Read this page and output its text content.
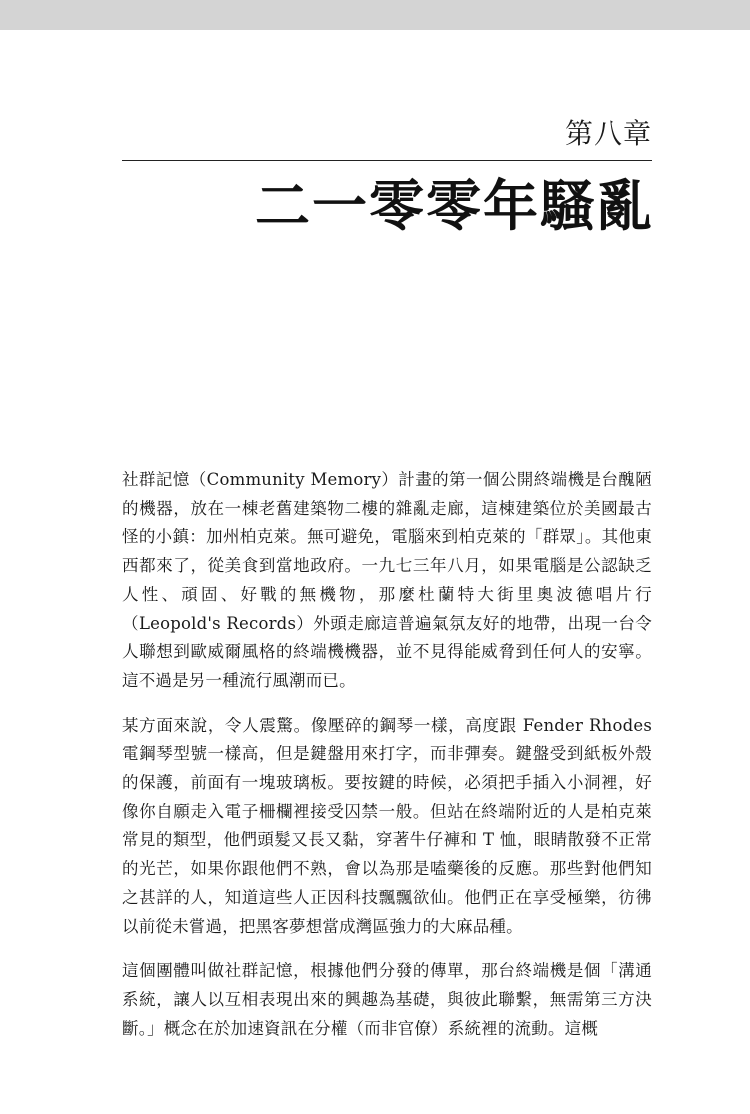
第八章
二一零零年騷亂

社群記憶（Community Memory）計畫的第一個公開終端機是台醜陋的機器，放在一棟老舊建築物二樓的雜亂走廊，這棟建築位於美國最古怪的小鎮：加州柏克萊。無可避免，電腦來到柏克萊的「群眾」。其他東西都來了，從美食到當地政府。一九七三年八月，如果電腦是公認缺乏人性、頑固、好戰的無機物，那麼杜蘭特大街里奧波德唱片行（Leopold's Records）外頭走廊這普遍氣氛友好的地帶，出現一台令人聯想到歐威爾風格的終端機機器，並不見得能威脅到任何人的安寧。這不過是另一種流行風潮而已。

某方面來說，令人震驚。像壓碎的鋼琴一樣，高度跟 Fender Rhodes 電鋼琴型號一樣高，但是鍵盤用來打字，而非彈奏。鍵盤受到紙板外殼的保護，前面有一塊玻璃板。要按鍵的時候，必須把手插入小洞裡，好像你自願走入電子柵欄裡接受囚禁一般。但站在終端附近的人是柏克萊常見的類型，他們頭髮又長又黏，穿著牛仔褲和 T 恤，眼睛散發不正常的光芒，如果你跟他們不熟，會以為那是嗑藥後的反應。那些對他們知之甚詳的人，知道這些人正因科技飄飄欲仙。他們正在享受極樂，彷彿以前從未嘗過，把黑客夢想當成灣區強力的大麻品種。

這個團體叫做社群記憶，根據他們分發的傳單，那台終端機是個「溝通系統，讓人以互相表現出來的興趣為基礎，與彼此聯繫，無需第三方決斷。」概念在於加速資訊在分權（而非官僚）系統裡的流動。這概
